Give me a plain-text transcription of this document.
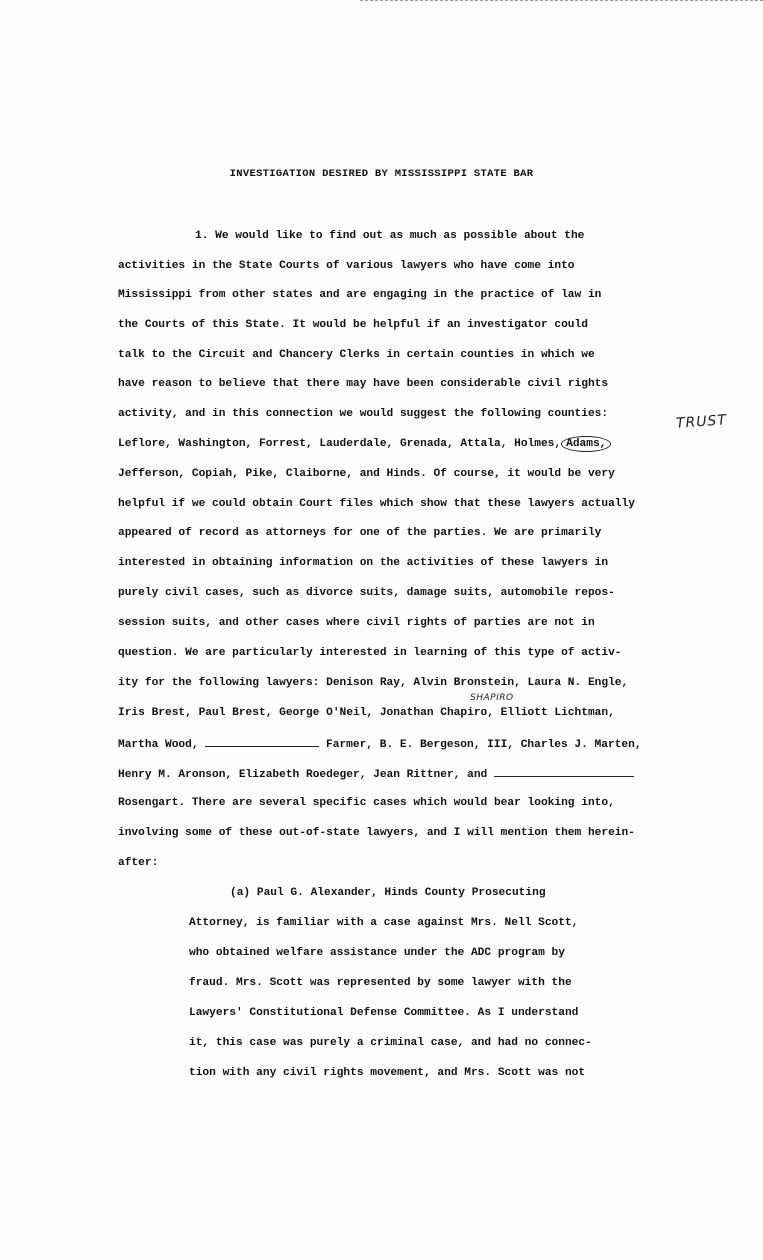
INVESTIGATION DESIRED BY MISSISSIPPI STATE BAR
1. We would like to find out as much as possible about the
activities in the State Courts of various lawyers who have come into
Mississippi from other states and are engaging in the practice of law in
the Courts of this State. It would be helpful if an investigator could
talk to the Circuit and Chancery Clerks in certain counties in which we
have reason to believe that there may have been considerable civil rights
activity, and in this connection we would suggest the following counties:
Leflore, Washington, Forrest, Lauderdale, Grenada, Attala, Holmes, Adams,
Jefferson, Copiah, Pike, Claiborne, and Hinds. Of course, it would be very
helpful if we could obtain Court files which show that these lawyers actually
appeared of record as attorneys for one of the parties. We are primarily
interested in obtaining information on the activities of these lawyers in
purely civil cases, such as divorce suits, damage suits, automobile repos-
session suits, and other cases where civil rights of parties are not in
question. We are particularly interested in learning of this type of activ-
ity for the following lawyers: Denison Ray, Alvin Bronstein, Laura N. Engle,
Iris Brest, Paul Brest, George O'Neil, Jonathan Chapiro, Elliott Lichtman,
Martha Wood,	Farmer, B. E. Bergeson, III, Charles J. Marten,
Henry M. Aronson, Elizabeth Roedeger, Jean Rittner, and
Rosengart. There are several specific cases which would bear looking into,
involving some of these out-of-state lawyers, and I will mention them herein-
after:
(a) Paul G. Alexander, Hinds County Prosecuting
Attorney, is familiar with a case against Mrs. Nell Scott,
who obtained welfare assistance under the ADC program by
fraud. Mrs. Scott was represented by some lawyer with the
Lawyers' Constitutional Defense Committee. As I understand
it, this case was purely a criminal case, and had no connec-
tion with any civil rights movement, and Mrs. Scott was not
TRUST
SHAPIRO
